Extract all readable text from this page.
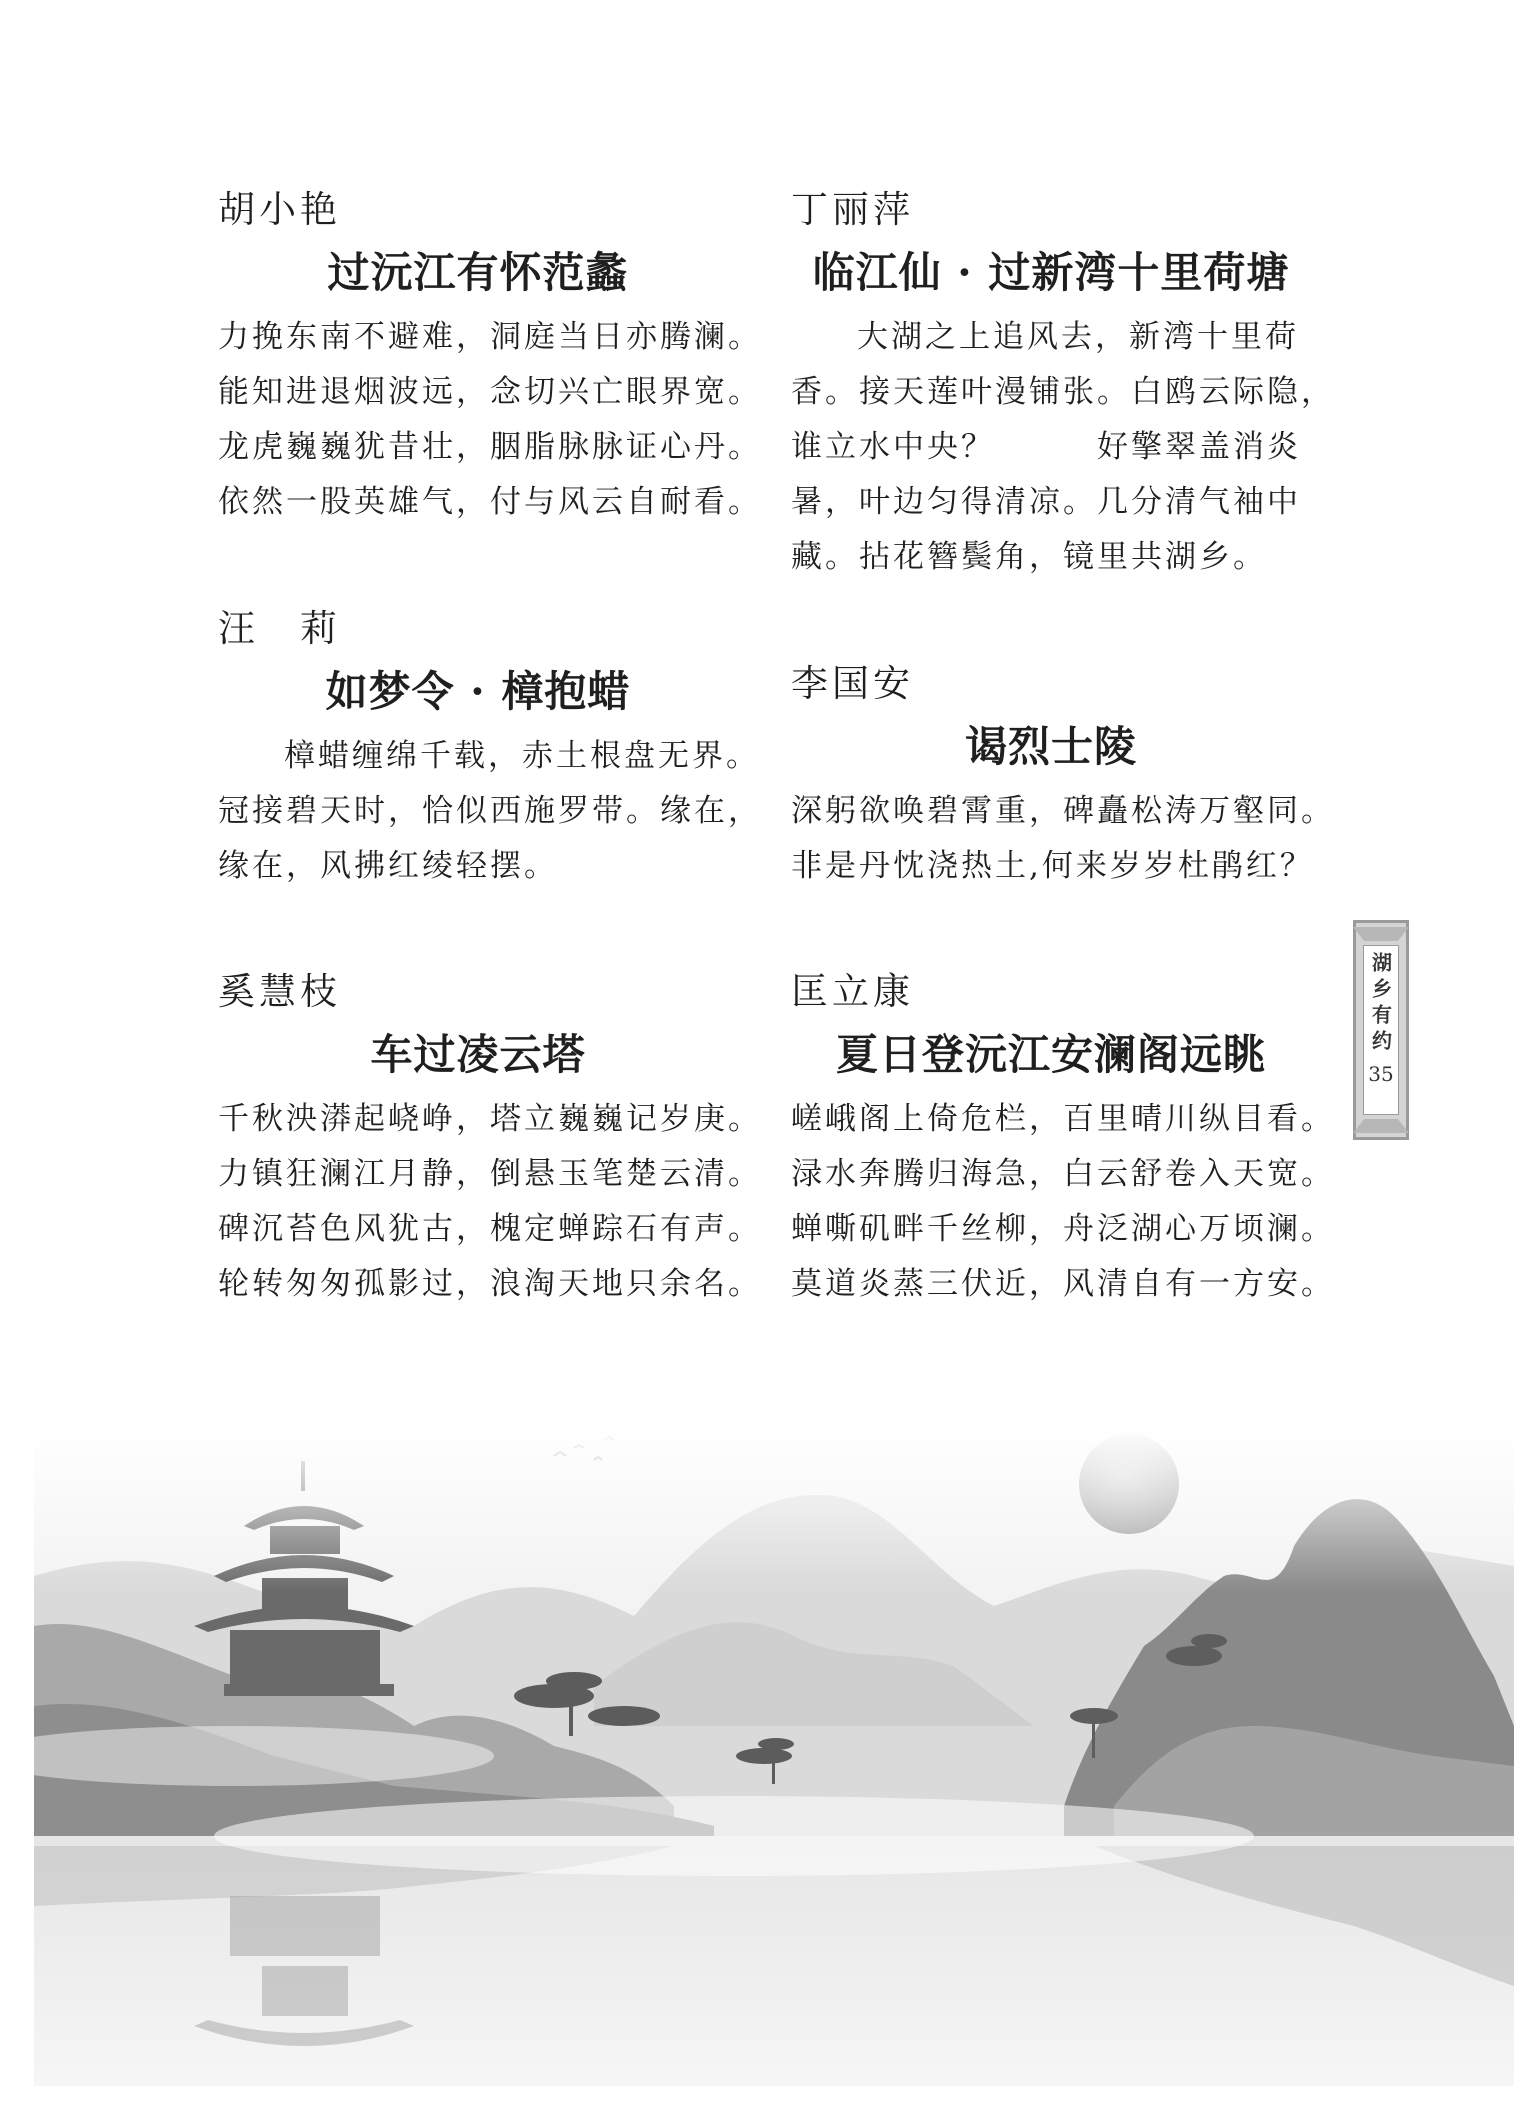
胡小艳
过沅江有怀范蠡
力挽东南不避难，洞庭当日亦腾澜。
能知进退烟波远，念切兴亡眼界宽。
龙虎巍巍犹昔壮，胭脂脉脉证心丹。
依然一股英雄气，付与风云自耐看。
汪　莉
如梦令 · 樟抱蜡
樟蜡缠绵千载，赤土根盘无界。
冠接碧天时，恰似西施罗带。缘在，
缘在，风拂红绫轻摆。
奚慧枝
车过凌云塔
千秋泱漭起峣峥，塔立巍巍记岁庚。
力镇狂澜江月静，倒悬玉笔楚云清。
碑沉苔色风犹古，槐定蝉踪石有声。
轮转匆匆孤影过，浪淘天地只余名。
丁丽萍
临江仙 · 过新湾十里荷塘
大湖之上追风去，新湾十里荷
香。接天莲叶漫铺张。白鸥云际隐，
谁立水中央？　　　好擎翠盖消炎
暑，叶边匀得清凉。几分清气袖中
藏。拈花簪鬓角，镜里共湖乡。
李国安
谒烈士陵
深躬欲唤碧霄重，碑矗松涛万壑同。
非是丹忱浇热土,何来岁岁杜鹃红？
匡立康
夏日登沅江安澜阁远眺
嵯峨阁上倚危栏，百里晴川纵目看。
渌水奔腾归海急，白云舒卷入天宽。
蝉嘶矶畔千丝柳，舟泛湖心万顷澜。
莫道炎蒸三伏近，风清自有一方安。
湖乡有约
35
